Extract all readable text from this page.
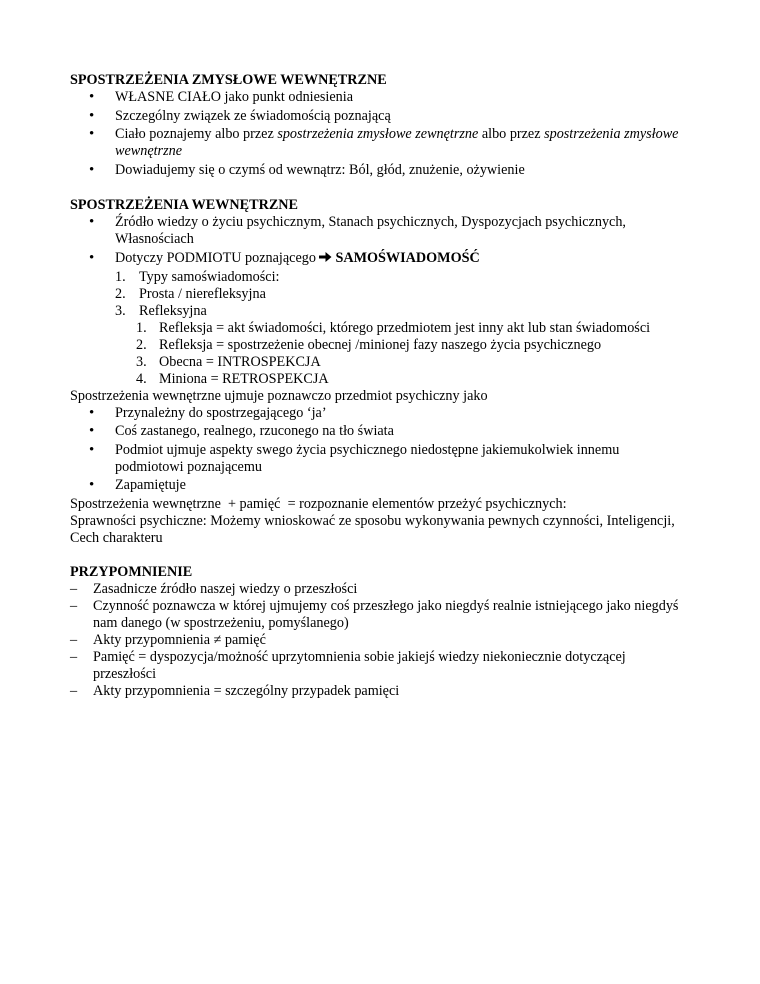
SPOSTRZEŻENIA ZMYSŁOWE WEWNĘTRZNE
• WŁASNE CIAŁO jako punkt odniesienia
• Szczególny związek ze świadomością poznającą
• Ciało poznajemy albo przez spostrzeżenia zmysłowe zewnętrzne albo przez spostrzeżenia zmysłowe wewnętrzne
• Dowiadujemy się o czymś od wewnątrz: Ból, głód, znużenie, ożywienie
SPOSTRZEŻENIA WEWNĘTRZNE
• Źródło wiedzy o życiu psychicznym, Stanach psychicznych, Dyspozycjach psychicznych, Własnościach
• Dotyczy PODMIOTU poznającego SAMOŚWIADOMOŚĆ
1. Typy samoświadomości:
2. Prosta / nierefleksyjna
3. Refleksyjna
1. Refleksja = akt świadomości, którego przedmiotem jest inny akt lub stan świadomości
2. Refleksja = spostrzeżenie obecnej /minionej fazy naszego życia psychicznego
3. Obecna = INTROSPEKCJA
4. Miniona = RETROSPEKCJA

Spostrzeżenia wewnętrzne ujmuje poznawczo przedmiot psychiczny jako

• Przynależny do spostrzegającego ‘ja’
• Coś zastanego, realnego, rzuconego na tło świata
• Podmiot ujmuje aspekty swego życia psychicznego niedostępne jakiemukolwiek innemu podmiotowi poznającemu
• Zapamiętuje

Spostrzeżenia wewnętrzne  + pamięć  = rozpoznanie elementów przeżyć psychicznych:

Sprawności psychiczne: Możemy wnioskować ze sposobu wykonywania pewnych czynności, Inteligencji, Cech charakteru

PRZYPOMNIENIE
– Zasadnicze źródło naszej wiedzy o przeszłości
– Czynność poznawcza w której ujmujemy coś przeszłego jako niegdyś realnie istniejącego jako niegdyś nam danego (w spostrzeżeniu, pomyślanego)
– Akty przypomnienia ≠ pamięć
– Pamięć = dyspozycja/możność uprzytomnienia sobie jakiejś wiedzy niekoniecznie dotyczącej przeszłości
– Akty przypomnienia = szczególny przypadek pamięci
